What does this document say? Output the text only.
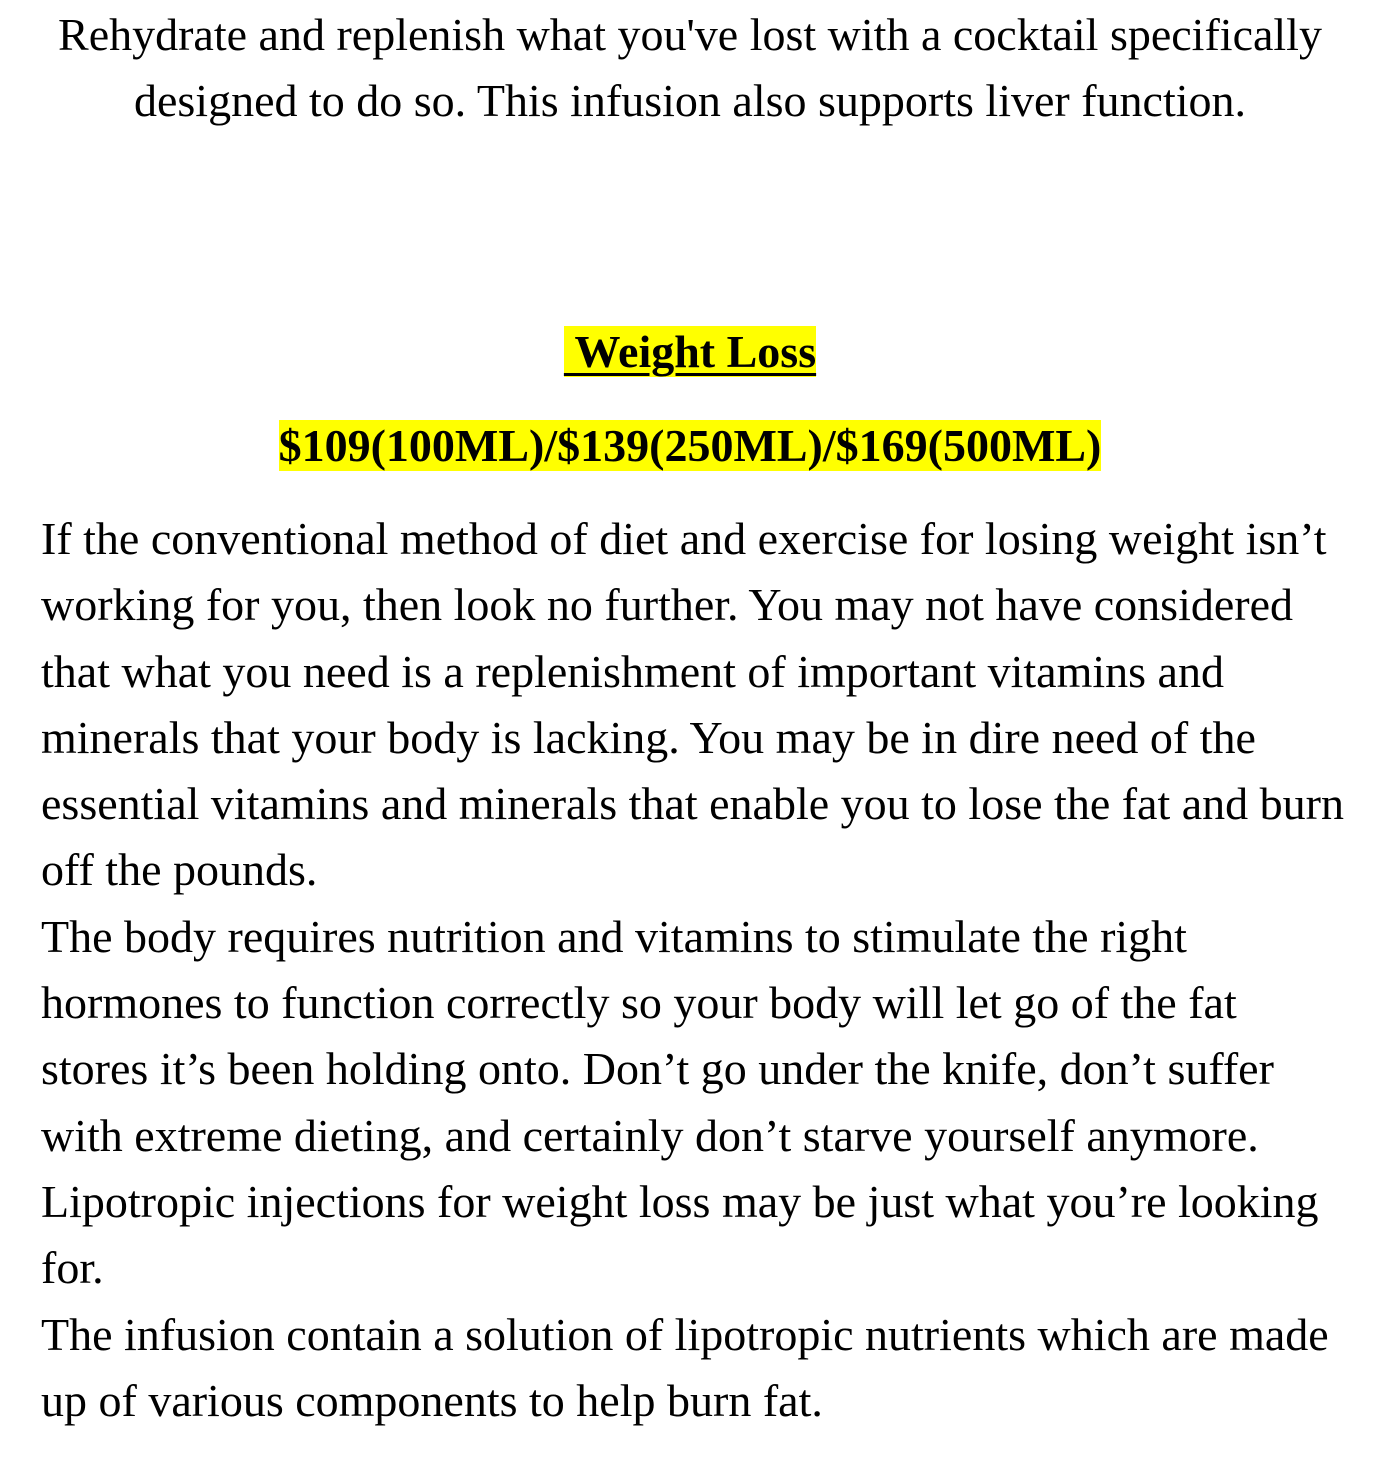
Rehydrate and replenish what you've lost with a cocktail specifically designed to do so. This infusion also supports liver function.

Weight Loss
$109(100ML)/$139(250ML)/$169(500ML)

If the conventional method of diet and exercise for losing weight isn’t working for you, then look no further. You may not have considered that what you need is a replenishment of important vitamins and minerals that your body is lacking. You may be in dire need of the essential vitamins and minerals that enable you to lose the fat and burn off the pounds.

The body requires nutrition and vitamins to stimulate the right hormones to function correctly so your body will let go of the fat stores it’s been holding onto. Don’t go under the knife, don’t suffer with extreme dieting, and certainly don’t starve yourself anymore. Lipotropic injections for weight loss may be just what you’re looking for.

The infusion contain a solution of lipotropic nutrients which are made up of various components to help burn fat.
